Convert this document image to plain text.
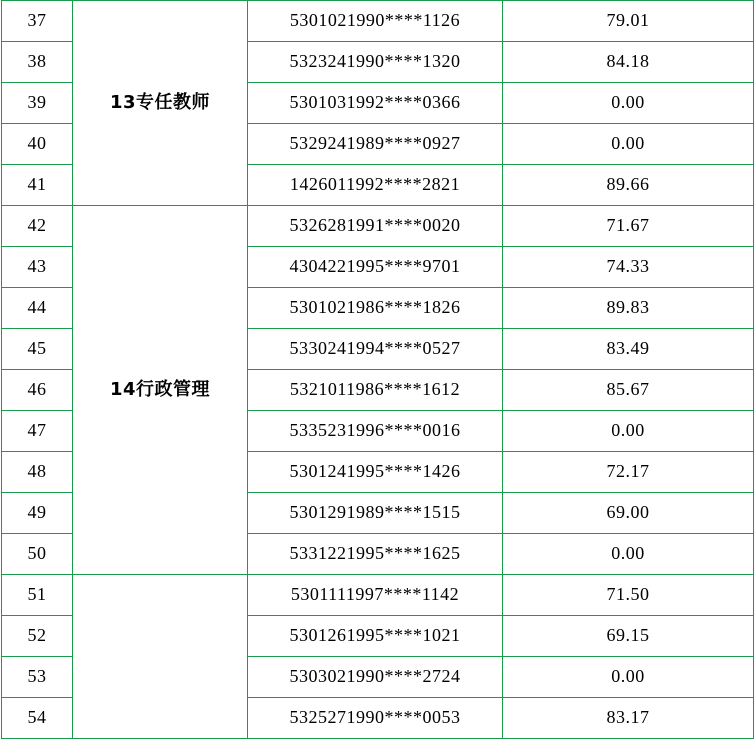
37	13专任教师	5301021990****1126	79.01
38		5323241990****1320	84.18
39		5301031992****0366	0.00
40		5329241989****0927	0.00
41		1426011992****2821	89.66
42	14行政管理	5326281991****0020	71.67
43		4304221995****9701	74.33
44		5301021986****1826	89.83
45		5330241994****0527	83.49
46		5321011986****1612	85.67
47		5335231996****0016	0.00
48		5301241995****1426	72.17
49		5301291989****1515	69.00
50		5331221995****1625	0.00
51		5301111997****1142	71.50
52		5301261995****1021	69.15
53		5303021990****2724	0.00
54		5325271990****0053	83.17
